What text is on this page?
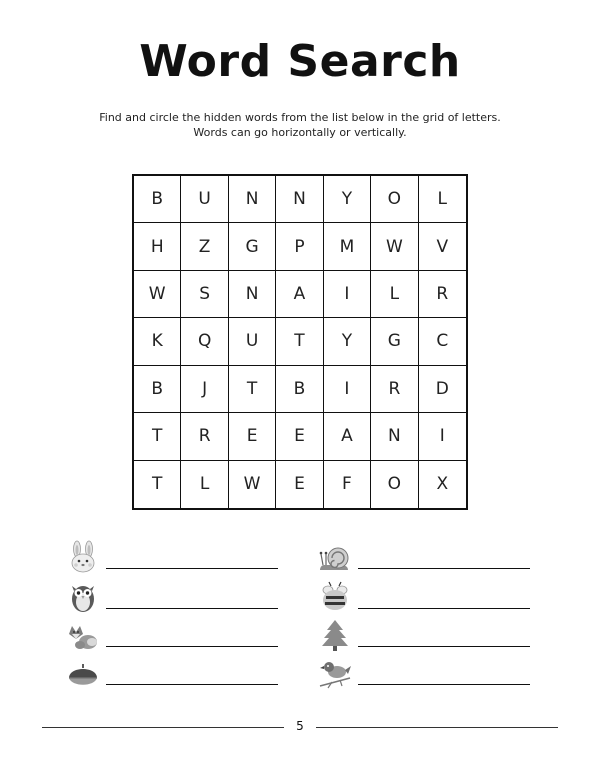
Word Search
Find and circle the hidden words from the list below in the grid of letters.
Words can go horizontally or vertically.
B	U	N	N	Y	O	L
H	Z	G	P	M	W	V
W	S	N	A	I	L	R
K	Q	U	T	Y	G	C
B	J	T	B	I	R	D
T	R	E	E	A	N	I
T	L	W	E	F	O	X
5
